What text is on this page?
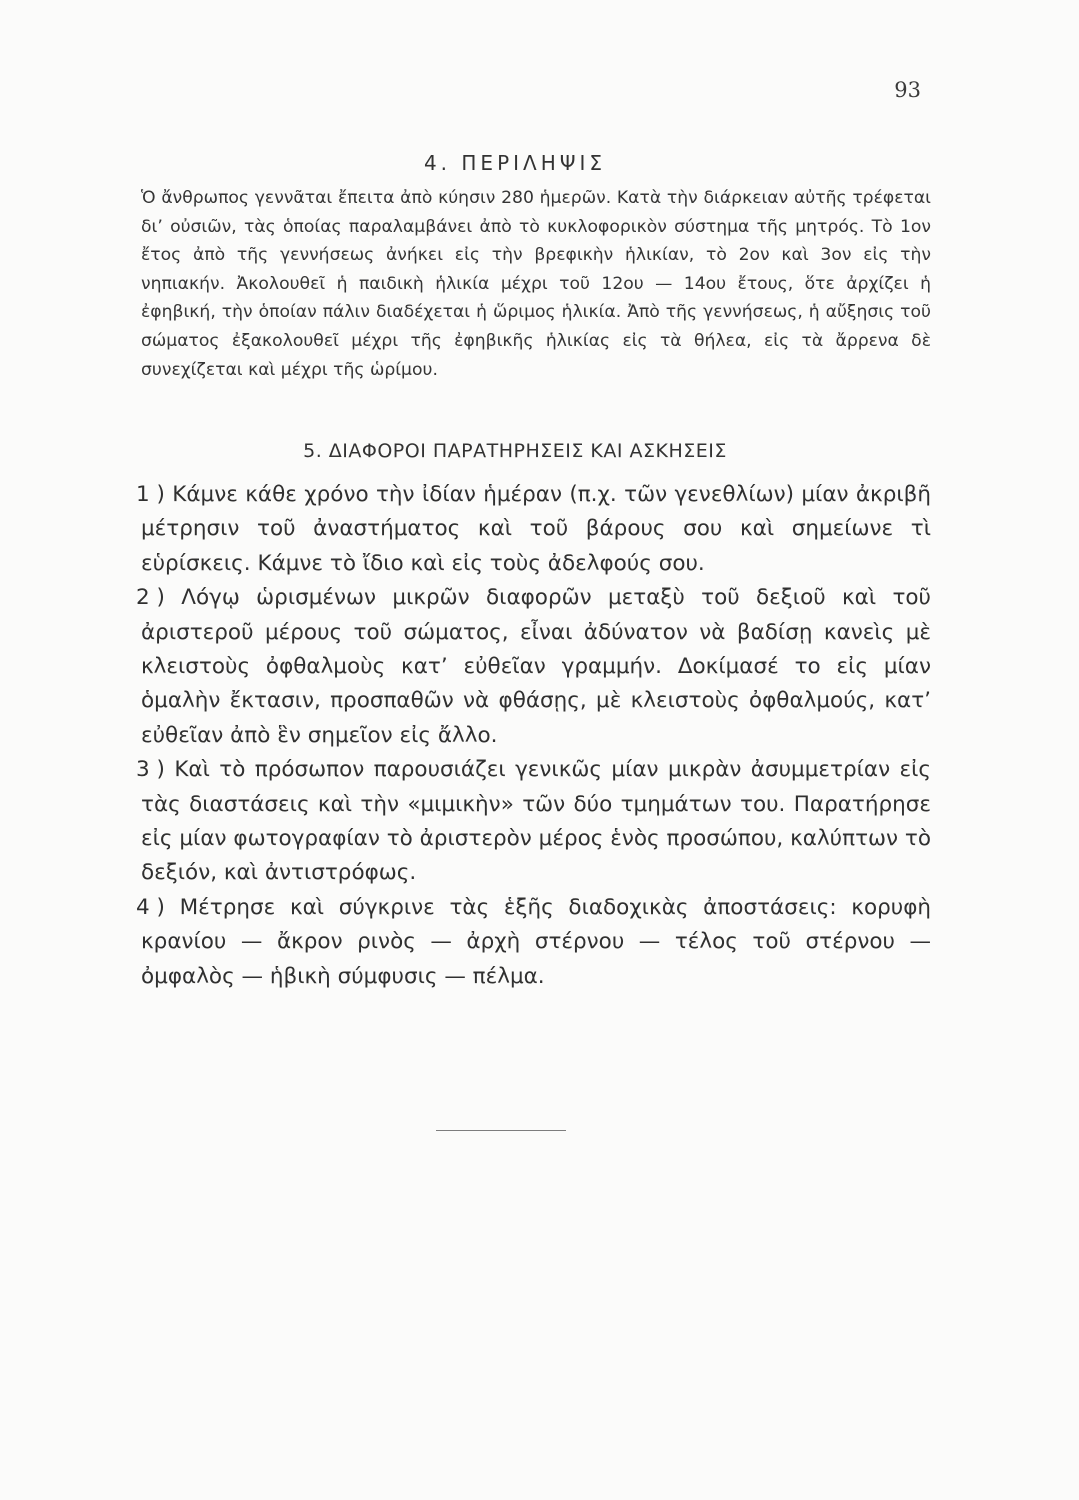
93
4. ΠΕΡΙΛΗΨΙΣ

Ὁ ἄνθρωπος γεννᾶται ἔπειτα ἀπὸ κύησιν 280 ἡμερῶν. Κατὰ τὴν διάρκειαν αὐτῆς τρέφεται δι’ οὐσιῶν, τὰς ὁποίας παραλαμβάνει ἀπὸ τὸ κυκλοφορικὸν σύστημα τῆς μητρός. Τὸ 1ον ἔτος ἀπὸ τῆς γεννήσεως ἀνήκει εἰς τὴν βρεφικὴν ἡλικίαν, τὸ 2ον καὶ 3ον εἰς τὴν νηπιακήν. Ἀκολουθεῖ ἡ παιδικὴ ἡλικία μέχρι τοῦ 12ου — 14ου ἔτους, ὅτε ἀρχίζει ἡ ἐφηβική, τὴν ὁποίαν πάλιν διαδέχεται ἡ ὥριμος ἡλικία. Ἀπὸ τῆς γεννήσεως, ἡ αὔξησις τοῦ σώματος ἐξακολουθεῖ μέχρι τῆς ἐφηβικῆς ἡλικίας εἰς τὰ θήλεα, εἰς τὰ ἄρρενα δὲ συνεχίζεται καὶ μέχρι τῆς ὡρίμου.

5. ΔΙΑΦΟΡΟΙ ΠΑΡΑΤΗΡΗΣΕΙΣ ΚΑΙ ΑΣΚΗΣΕΙΣ

1 ) Κάμνε κάθε χρόνο τὴν ἰδίαν ἡμέραν (π.χ. τῶν γενεθλίων) μίαν ἀκριβῆ μέτρησιν τοῦ ἀναστήματος καὶ τοῦ βάρους σου καὶ σημείωνε τὶ εὑρίσκεις. Κάμνε τὸ ἴδιο καὶ εἰς τοὺς ἀδελφούς σου.

2 ) Λόγῳ ὡρισμένων μικρῶν διαφορῶν μεταξὺ τοῦ δεξιοῦ καὶ τοῦ ἀριστεροῦ μέρους τοῦ σώματος, εἶναι ἀδύνατον νὰ βαδίσῃ κανεὶς μὲ κλειστοὺς ὀφθαλμοὺς κατ’ εὐθεῖαν γραμμήν. Δοκίμασέ το εἰς μίαν ὁμαλὴν ἔκτασιν, προσπαθῶν νὰ φθάσῃς, μὲ κλειστοὺς ὀφθαλμούς, κατ’ εὐθεῖαν ἀπὸ ἓν σημεῖον εἰς ἄλλο.

3 ) Καὶ τὸ πρόσωπον παρουσιάζει γενικῶς μίαν μικρὰν ἀσυμμετρίαν εἰς τὰς διαστάσεις καὶ τὴν «μιμικὴν» τῶν δύο τμημάτων του. Παρατήρησε εἰς μίαν φωτογραφίαν τὸ ἀριστερὸν μέρος ἑνὸς προσώπου, καλύπτων τὸ δεξιόν, καὶ ἀντιστρόφως.

4 ) Μέτρησε καὶ σύγκρινε τὰς ἑξῆς διαδοχικὰς ἀποστάσεις: κορυφὴ κρανίου — ἄκρον ρινὸς — ἀρχὴ στέρνου — τέλος τοῦ στέρνου — ὀμφαλὸς — ἡβικὴ σύμφυσις — πέλμα.
